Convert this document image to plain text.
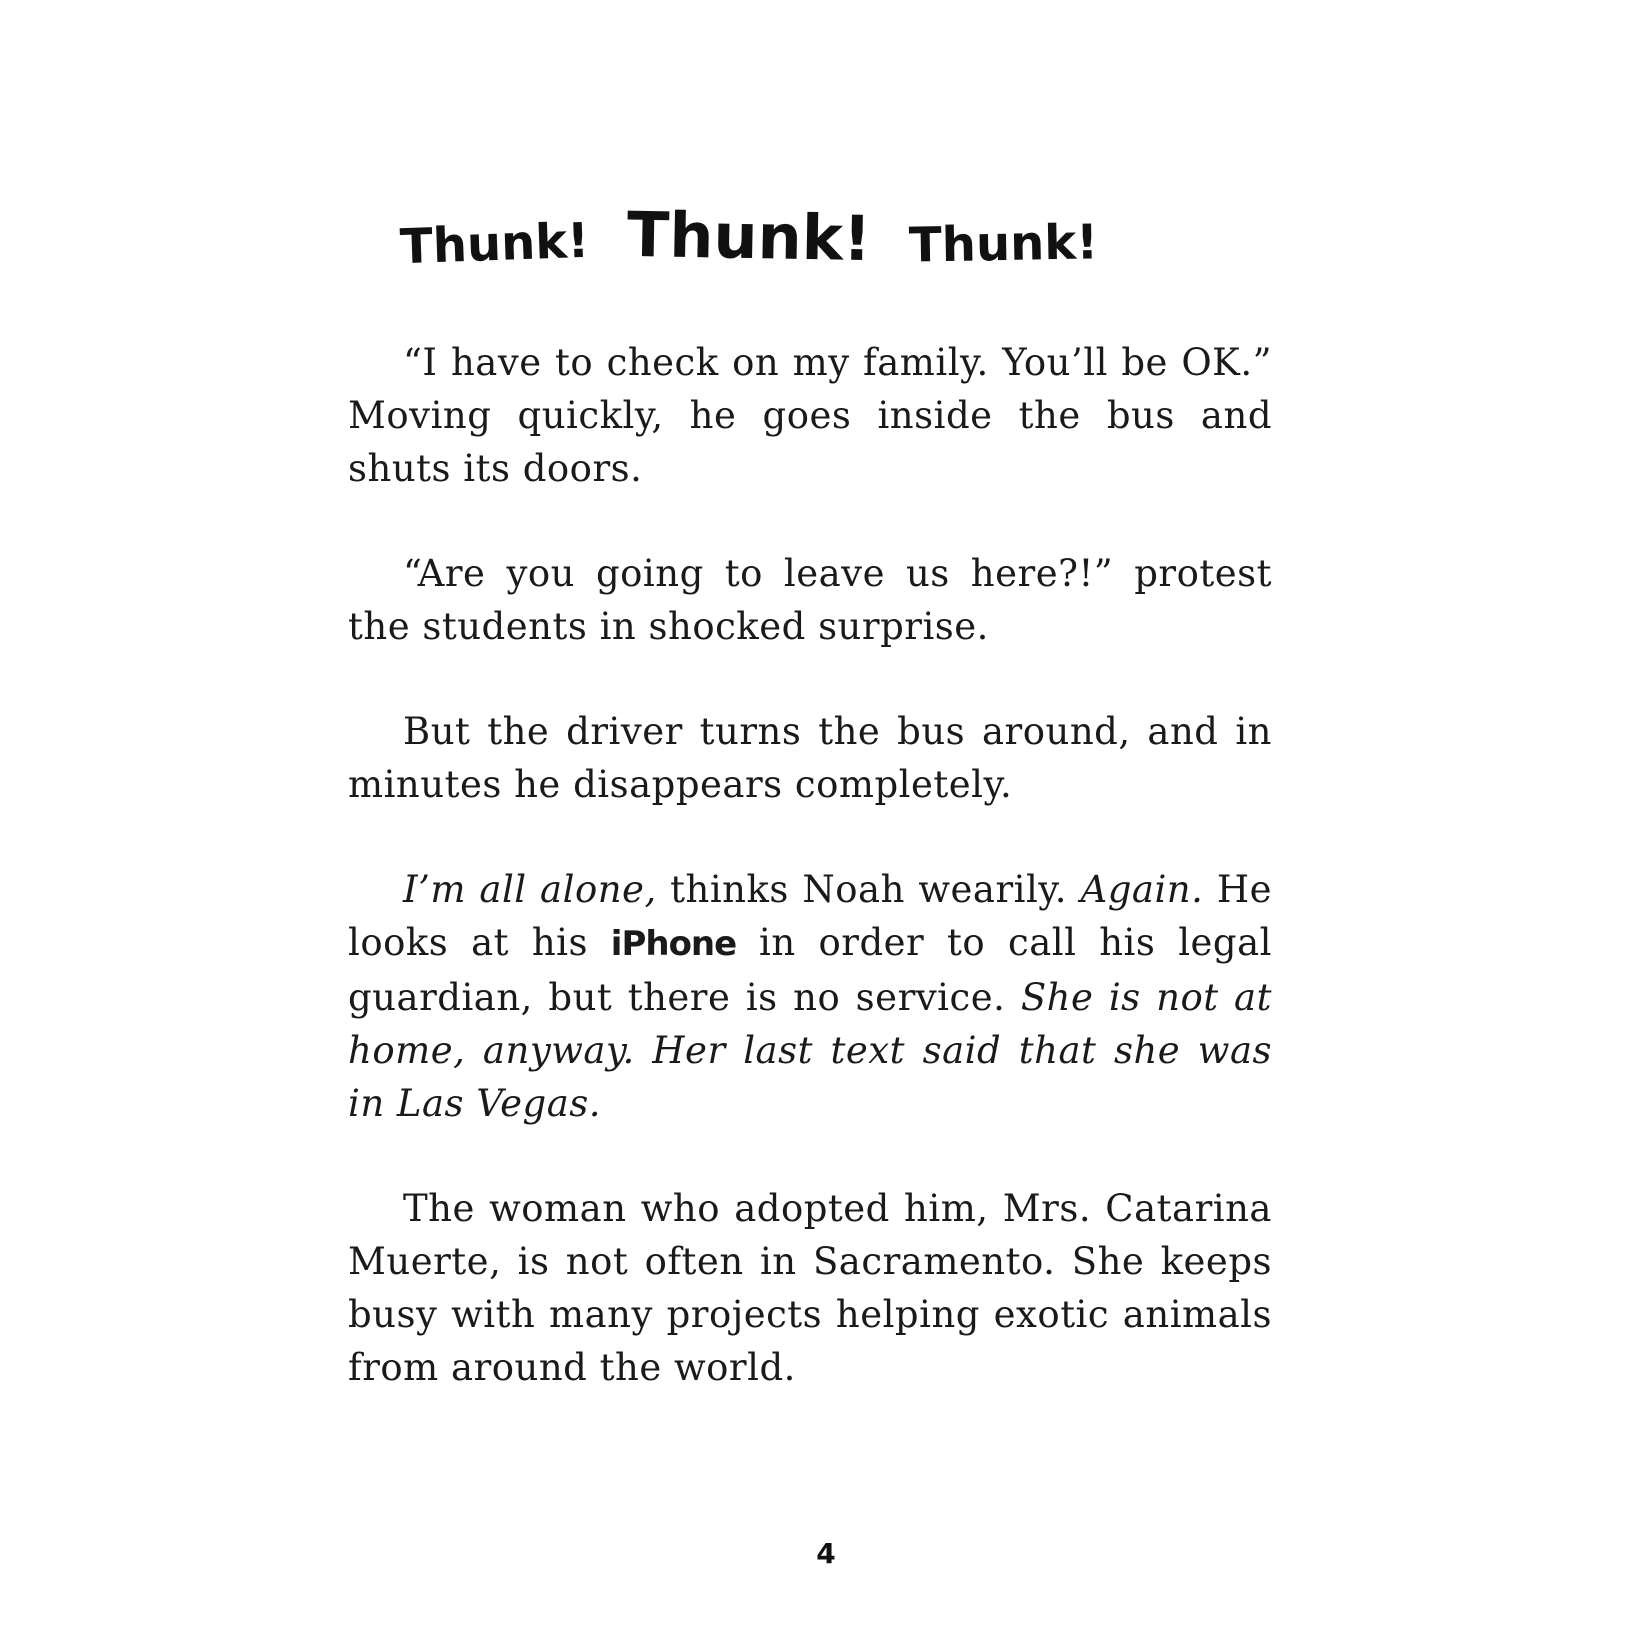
Thunk! Thunk! Thunk!

“I have to check on my family. You’ll be OK.” Moving quickly, he goes inside the bus and shuts its doors.

“Are you going to leave us here?!” protest the students in shocked surprise.

But the driver turns the bus around, and in minutes he disappears completely.

I’m all alone, thinks Noah wearily. Again. He looks at his iPhone in order to call his legal guardian, but there is no service. She is not at home, anyway. Her last text said that she was in Las Vegas.

The woman who adopted him, Mrs. Catarina Muerte, is not often in Sacramento. She keeps busy with many projects helping exotic animals from around the world.

4
